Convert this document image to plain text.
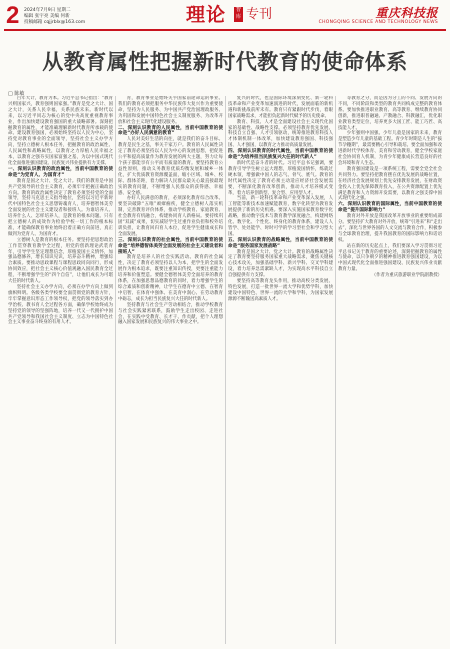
2 2024年7月9日 星期二
编辑 张宇亮 美编 何新
投稿邮箱 cqjjrblx@163.com	理论	智库 专刊	重庆科技报
CHONGQING SCIENCE AND TECHNOLOGY NEWS
从教育属性把握新时代教育的使命体系
□ 陈敏

百年大计，教育为本。习近平总书记指出：“教育兴则国家兴，教育强则国家强。”教育是党之大计、国之大计，关系人民幸福，关系民族未来。新时代以来，以习近平同志为核心的党中央高度重视教育事业，作出加快建设教育强国的重大战略部署。深刻把握教育的属性，才能准确理解新时代教育所承载的使命。建设教育强国，必须始终坚持以人民为中心，坚持党对教育事业的全面领导，坚持社会主义办学方向，坚持立德树人根本任务，把握教育的政治属性、人民属性和战略属性，以教育之力厚植人民幸福之本，以教育之强夯实国家富强之基，为以中国式现代化全面推进强国建设、民族复兴伟业提供有力支撑。

一、深刻认识教育的政治属性，当前中国教育的使命是“为党育人、为国育才”

教育是国之大计、党之大计。我们的教育是中国共产党领导的社会主义教育，必须牢牢把握正确政治方向。教育的政治属性决定了教育必须坚持党的全面领导，坚持马克思主义指导地位，坚持以习近平新时代中国特色社会主义思想铸魂育人，培养德智体美劳全面发展的社会主义建设者和接班人。为谁培养人、培养什么人、怎样培养人，是教育的根本问题。只有把立德树人的成效作为检验学校一切工作的根本标准，才能确保教育事业始终沿着正确方向前进，真正做到为党育人、为国育才。

立德树人是教育的根本任务。要坚持把思想政治工作贯穿教育教学全过程，用党的创新理论武装青年，引导学生坚定理想信念，厚植爱国主义情怀，加强品德修养，增长知识见识，培养奋斗精神，增强综合素质。要推动思政课程与课程思政同向同行，形成协同效应，把社会主义核心价值观融入国民教育全过程，不断增强学生的“四个自信”，让他们成长为可堪大任的时代新人。

坚持社会主义办学方向，必须在办学方向上做到旗帜鲜明。各级各类学校要全面贯彻党的教育方针，牢牢掌握意识形态工作领导权，把党的领导落实到办学治校、教书育人全过程各方面，确保学校始终成为坚持党的领导的坚强阵地，培养一代又一代拥护中国共产党领导和我国社会主义制度、立志为中国特色社会主义事业奋斗终身的有用人才。

育，教育事业是始终关乎国家前途命运的事业。我们的教育必须把服务中华民族伟大复兴作为重要使命，坚持为人民服务、为中国共产党治国理政服务、为巩固和发展中国特色社会主义制度服务、为改革开放和社会主义现代化建设服务。

二、深刻认识教育的人民属性，当前中国教育的使命是“办好人民满意的教育”

人民对美好生活的向往，就是我们的奋斗目标。教育是民生之基，事关千家万户。教育的人民属性决定了教育必须坚持以人民为中心的发展思想，把促进公平和提高质量作为教育发展的两大主题，努力让每个孩子都能享有公平而有质量的教育。要坚持教育公益性原则，推动义务教育优质均衡发展和城乡一体化，扩大优质教育资源覆盖面，缩小区域、城乡、校际、群体差距，着力解决人民群众最关心最直接最现实的教育问题，不断增强人民群众的获得感、幸福感、安全感。

办好人民满意的教育，必须深化教育综合改革。要坚决破除“五唯”顽瘴痼疾，健全立德树人落实机制，完善教育评价体系，推动学校教育、家庭教育、社会教育有机融合，构建协同育人新格局。要持续巩固“双减”成果，切实减轻学生过重作业负担和校外培训负担，让教育回归育人本位，促进学生健康成长和全面发展。

三、深刻认识教育的社会属性，当前中国教育的使命是“培养德智体美劳全面发展的社会主义建设者和接班人”

教育是培养人的社会实践活动。教育的社会属性，决定了教育必须坚持以人为本，把学生的全面发展作为根本追求，既要注重知识传授，更要注重能力培养和价值塑造。要健全德智体美劳全面培养的教育体系，在加强思想品德教育的同时，着力增强学生的综合素质和创新精神，让学生在德育中立德、在智育中启智、在体育中强体、在美育中润心、在劳动教育中砺志，成长为担当民族复兴大任的时代新人。

坚持教育与社会生产劳动相结合，推动学校教育与社会实践紧密联系，鼓励学生走出校园、走进社会，在实践中受教育、长才干、作贡献，把个人理想融入国家发展和民族复兴的伟大事业之中。

复兴的时代，也是国际环境深刻变化、新一轮科技革命和产业变革加速演进的时代，发展面临的新机遇和新挑战前所未有。教育只有紧跟时代步伐，着眼国家战略需求，才能担负起新时代赋予的历史使命。

教育、科技、人才是全面建设社会主义现代化国家的基础性、战略性支撑。必须坚持教育优先发展、科技自立自强、人才引领驱动，统筹推进教育科技人才体制机制一体改革，加快建设教育强国、科技强国、人才强国，以教育之力推动高质量发展。

四、深刻认识教育的时代属性，当前中国教育的使命是“为培养担当民族复兴大任的时代新人”

新时代是奋斗者的时代。习近平总书记强调，要教育引导学生树立远大理想，厚植爱国情怀，练就过硬本领，增强做中国人的志气、骨气、底气。教育的时代属性决定了教育必须主动适应经济社会发展需要，不断深化教育改革创新，推动人才培养模式变革，着力培养创新型、复合型、应用型人才。

当前，新一轮科技革命和产业变革深入发展，人工智能等新技术加速赋能教育，数字化转型为教育发展提供了新的历史机遇。要深入实施国家教育数字化战略，推动数字技术与教育教学深度融合，构建网络化、数字化、个性化、终身化的教育体系，建设人人皆学、处处能学、时时可学的学习型社会和学习型大国。

五、深刻认识教育的战略属性，当前中国教育的使命是“服务国家发展战略”

教育是国之大计、党之大计。教育的战略属性决定了教育要坚持服务国家重大战略需求，聚焦关键核心技术攻关，加强基础学科、新兴学科、交叉学科建设，着力培养急需紧缺人才，为实现高水平科技自立自强提供有力支撑。

要坚持高等教育龙头作用，推动高校分类发展、特色发展，打造一批世界一流大学和优势学科，加快建设中国特色、世界一流的大学和学科，为国家发展源源不断输送高素质人才。

等教育之分，而是因为分工的不同、发展方向的不同，不同阶段和类型的教育共同构成完整的教育体系。要加快推进职业教育、高等教育、继续教育协同创新，推进职普融通、产教融合、科教融汇，优化职业教育类型定位，培养更多大国工匠、能工巧匠、高技能人才。

少年强则中国强。少年儿童是国家的未来，教育是塑造少年儿童的基础工程。青少年时期是人生的“拔节孕穗期”，最需要精心引导和栽培。要全面加强和改进新时代学校体育、美育和劳动教育，健全学校家庭社会协同育人机制，为青少年健康成长营造良好的社会环境和育人生态。

教育强国建设是一项系统工程，需要全党全社会共同努力。要坚持把教育摆在优先发展的战略位置，在经济社会发展规划上优先安排教育发展，在财政资金投入上优先保障教育投入，在公共资源配置上优先满足教育和人力资源开发需要，以教育之强支撑中国式现代化之强。

六、深刻认识教育的国际属性，当前中国教育的使命是“提升国际影响力”

教育对外开放是我国改革开放事业的重要组成部分。要坚持扩大教育对外开放，统筹“引进来”和“走出去”，深化与世界各国的人文交流与教育合作，积极参与全球教育治理，提升我国教育的国际影响力和话语权。

站在新的历史起点上，我们要深入学习贯彻习近平总书记关于教育的重要论述，深刻把握教育的属性与使命，以只争朝夕的精神推进教育强国建设，为以中国式现代化全面推进强国建设、民族复兴伟业贡献教育力量。

（作者为重庆旅游职业学院副教授）
